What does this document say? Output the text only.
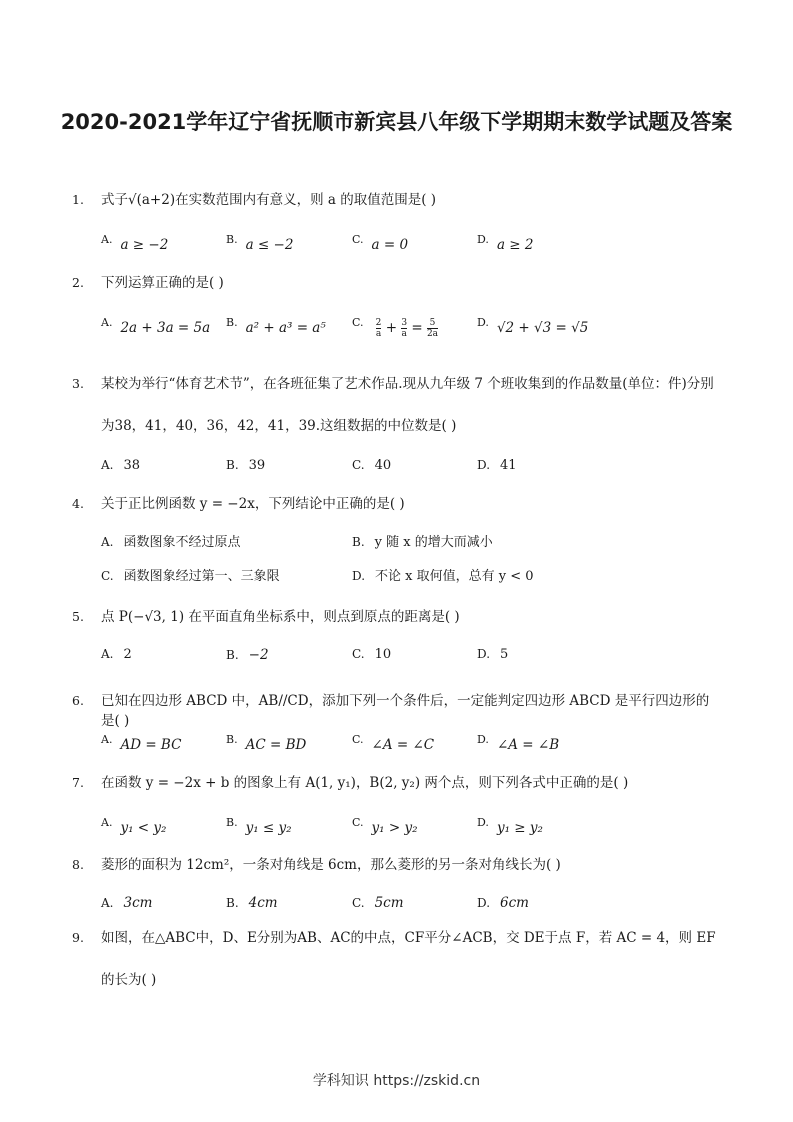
2020-2021学年辽宁省抚顺市新宾县八年级下学期期末数学试题及答案
1. 式子√(a+2)在实数范围内有意义，则 a 的取值范围是( )
$^{A.}$ a ≥ −2	$^{B.}$ a ≤ −2	$^{C.}$ a = 0	$^{D.}$ a ≥ 2
2. 下列运算正确的是( )
$^{A.}$ 2a + 3a = 5a $^{B.}$ a² + a³ = a⁵ $^{C.} \frac{2}{a} + \frac{3}{a} = \frac{5}{2a}$	$^{D.}$ √2 + √3 = √5
3. 某校为举行“体育艺术节”，在各班征集了艺术作品.现从九年级 7 个班收集到的作品数量(单位：件)分别为38，41，40，36，42，41，39.这组数据的中位数是( )
A. 38	B. 39	C. 40	D. 41
4. 关于正比例函数 y = −2x，下列结论中正确的是( )
A. 函数图象不经过原点	B. y 随 x 的增大而减小
C. 函数图象经过第一、三象限	D. 不论 x 取何值，总有 y < 0
5. 点 P(−√3, 1) 在平面直角坐标系中，则点到原点的距离是( )
A. 2	B. −2	C. 10	D. 5
6. 已知在四边形 ABCD 中，AB//CD，添加下列一个条件后，一定能判定四边形 ABCD 是平行四边形的是( )
$^{A.}$ AD = BC	$^{B.}$ AC = BD	$^{C.}$ ∠A = ∠C	$^{D.}$ ∠A = ∠B
7. 在函数 y = −2x + b 的图象上有 A(1, y₁)，B(2, y₂) 两个点，则下列各式中正确的是( )
$^{A.}$ y₁ < y₂	$^{B.}$ y₁ ≤ y₂	$^{C.}$ y₁ > y₂	$^{D.}$ y₁ ≥ y₂
8. 菱形的面积为 12cm²，一条对角线是 6cm，那么菱形的另一条对角线长为( )
A. 3cm	B. 4cm	C. 5cm	D. 6cm
9. 如图，在△ABC中，D、E分别为AB、AC的中点，CF平分∠ACB，交 DE于点 F，若 AC = 4，则 EF的长为( )
学科知识 https://zskid.cn
